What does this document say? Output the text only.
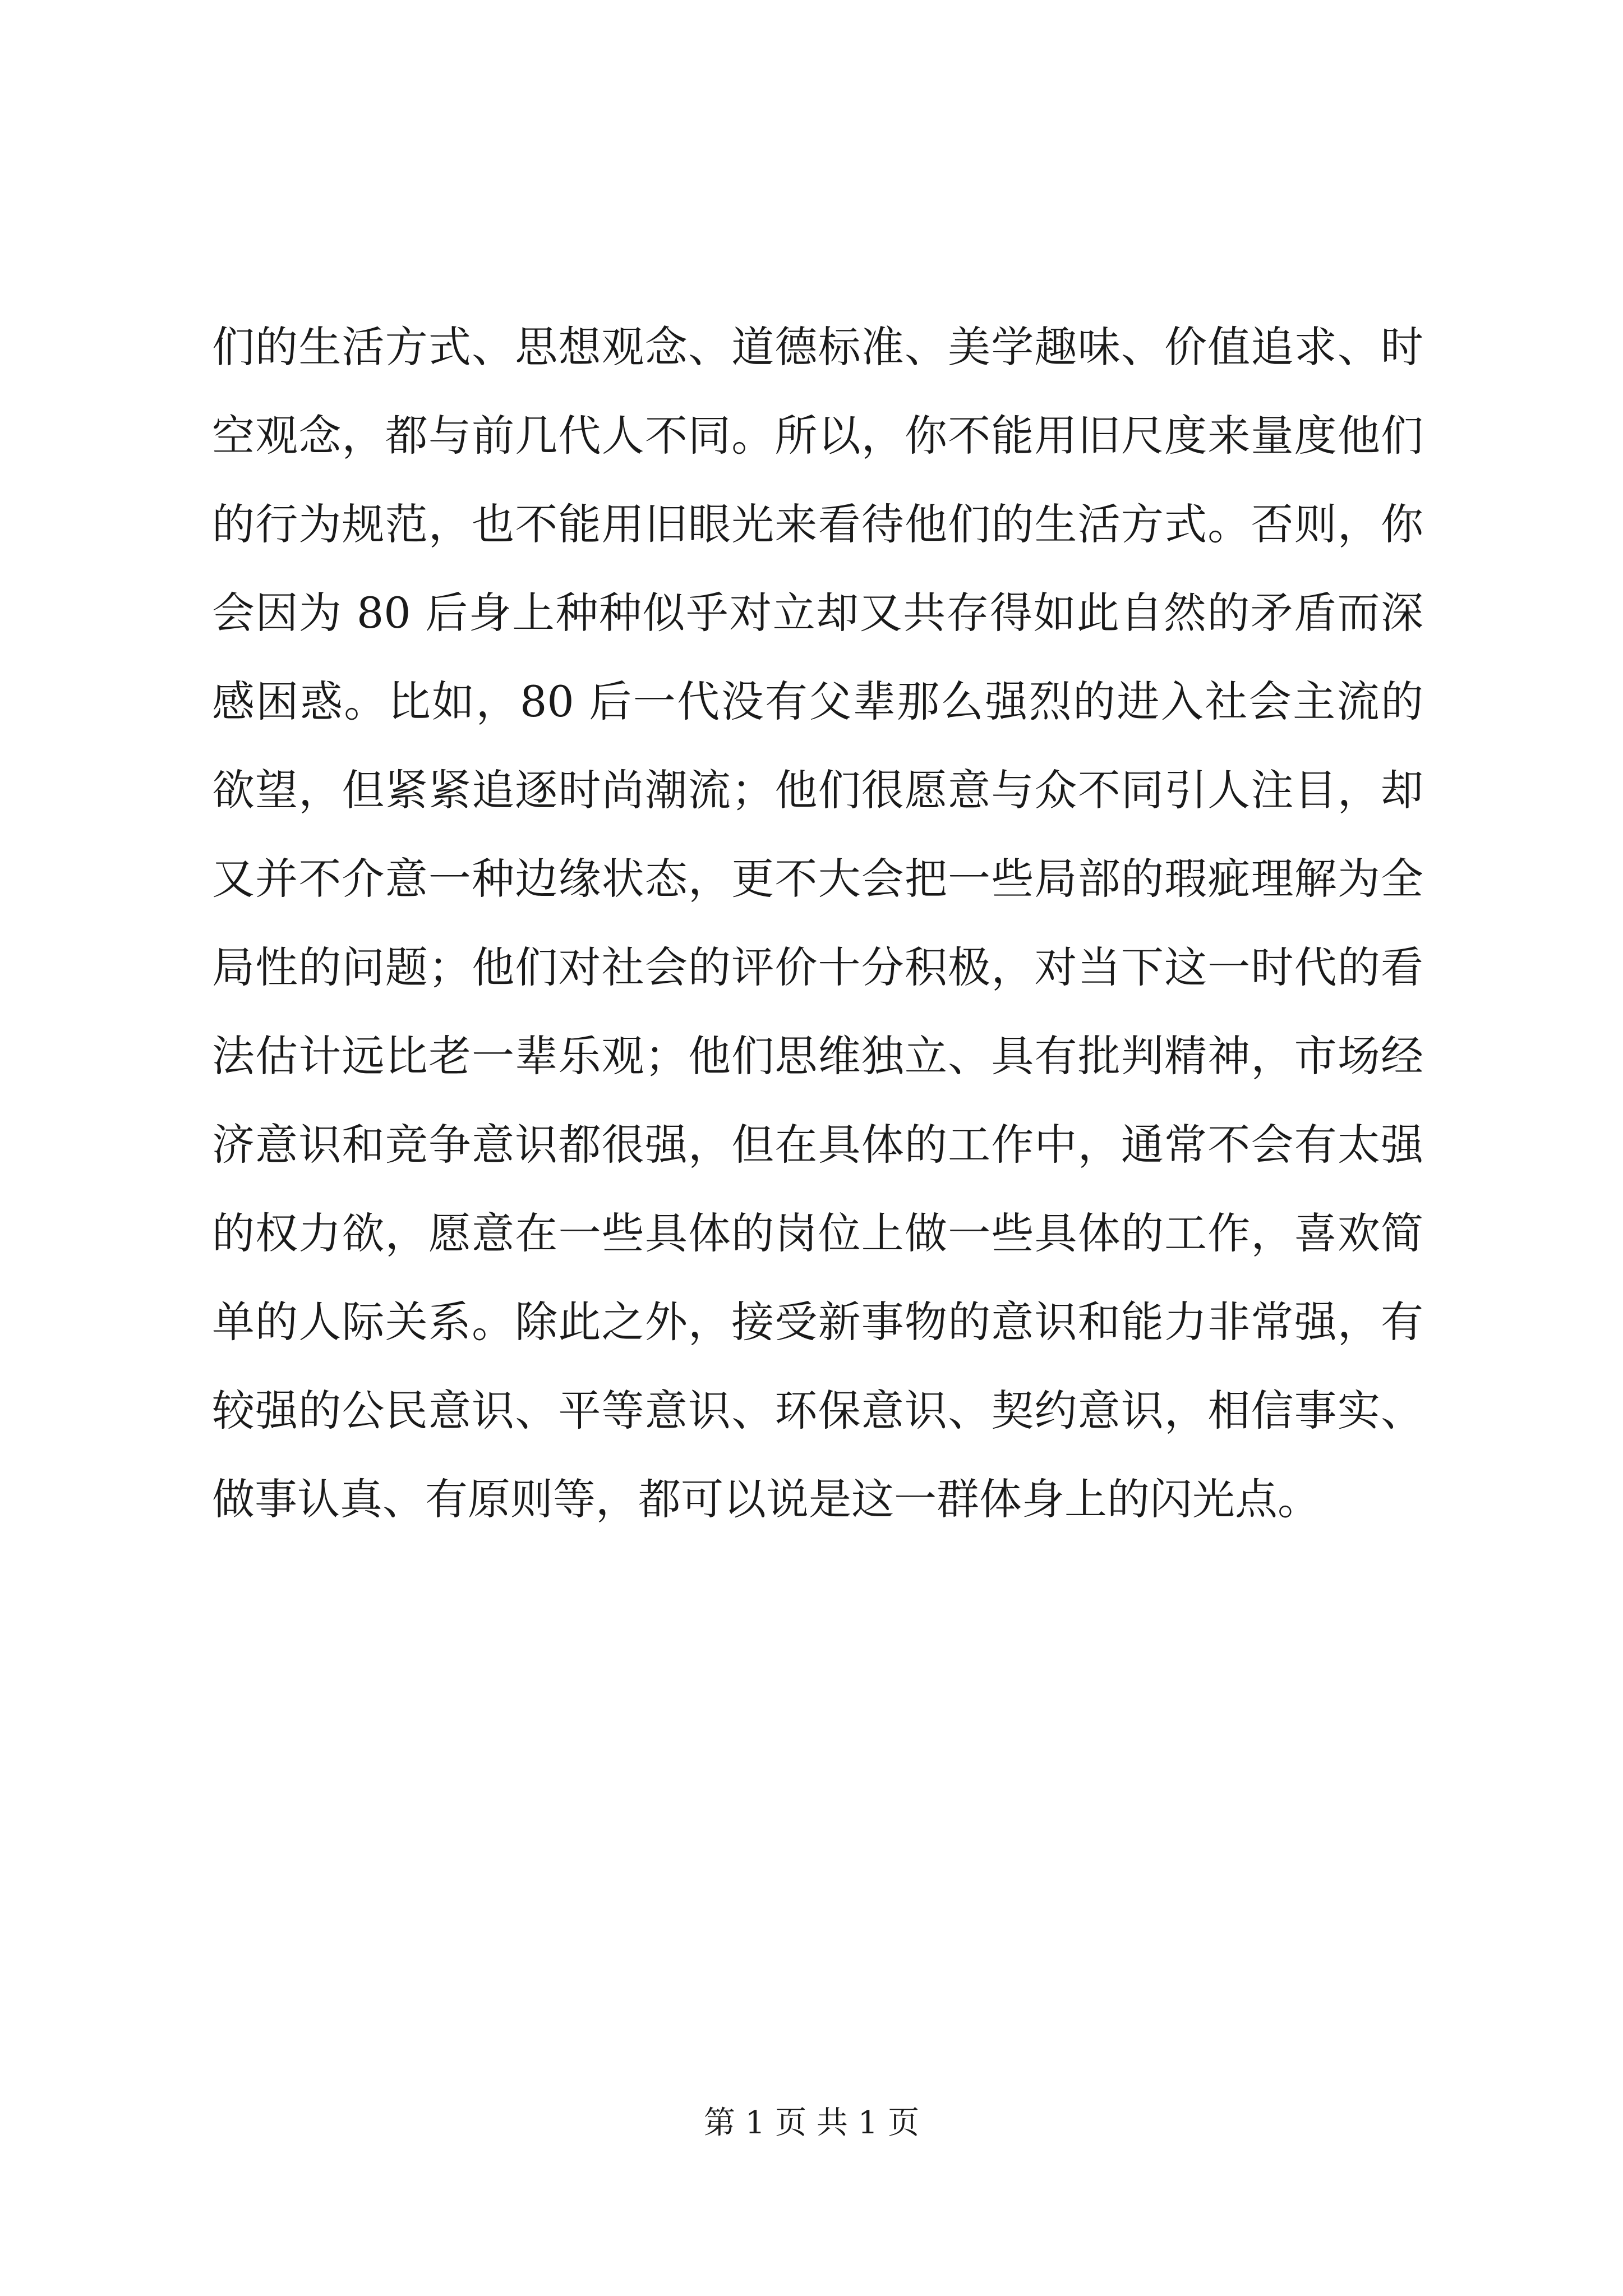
们的生活方式、思想观念、道德标准、美学趣味、价值追求、时
空观念，都与前几代人不同。所以，你不能用旧尺度来量度他们
的行为规范，也不能用旧眼光来看待他们的生活方式。否则，你
会因为 80 后身上种种似乎对立却又共存得如此自然的矛盾而深
感困惑。比如，80 后一代没有父辈那么强烈的进入社会主流的
欲望，但紧紧追逐时尚潮流；他们很愿意与众不同引人注目，却
又并不介意一种边缘状态，更不大会把一些局部的瑕疵理解为全
局性的问题；他们对社会的评价十分积极，对当下这一时代的看
法估计远比老一辈乐观；他们思维独立、具有批判精神，市场经
济意识和竞争意识都很强，但在具体的工作中，通常不会有太强
的权力欲，愿意在一些具体的岗位上做一些具体的工作，喜欢简
单的人际关系。除此之外，接受新事物的意识和能力非常强，有
较强的公民意识、平等意识、环保意识、契约意识，相信事实、
做事认真、有原则等，都可以说是这一群体身上的闪光点。
第 1 页 共 1 页
